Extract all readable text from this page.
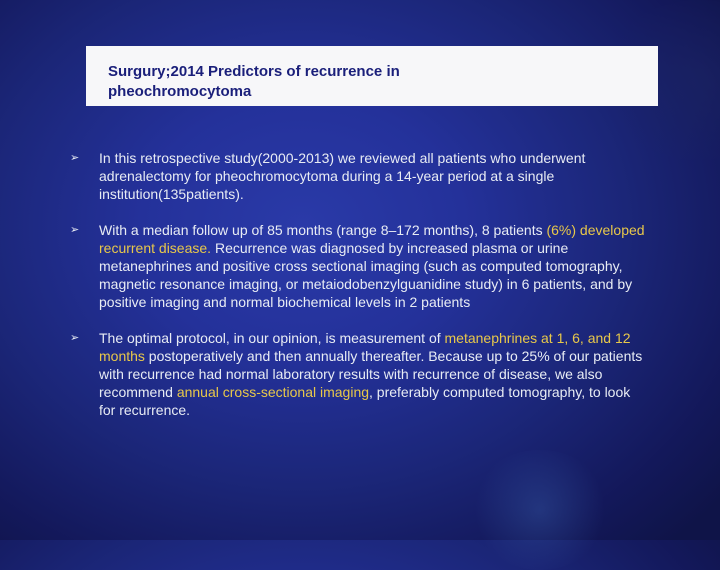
Surgury;2014 Predictors of recurrence in
pheochromocytoma

➢ In this retrospective study(2000-2013) we reviewed all patients who underwent adrenalectomy for pheochromocytoma during a 14-year period at a single institution(135patients).
➢ With a median follow up of 85 months (range 8–172 months), 8 patients (6%) developed recurrent disease. Recurrence was diagnosed by increased plasma or urine metanephrines and positive cross sectional imaging (such as computed tomography, magnetic resonance imaging, or metaiodobenzylguanidine study) in 6 patients, and by positive imaging and normal biochemical levels in 2 patients
➢ The optimal protocol, in our opinion, is measurement of metanephrines at 1, 6, and 12 months postoperatively and then annually thereafter. Because up to 25% of our patients with recurrence had normal laboratory results with recurrence of disease, we also recommend annual cross-sectional imaging, preferably computed tomography, to look for recurrence.
